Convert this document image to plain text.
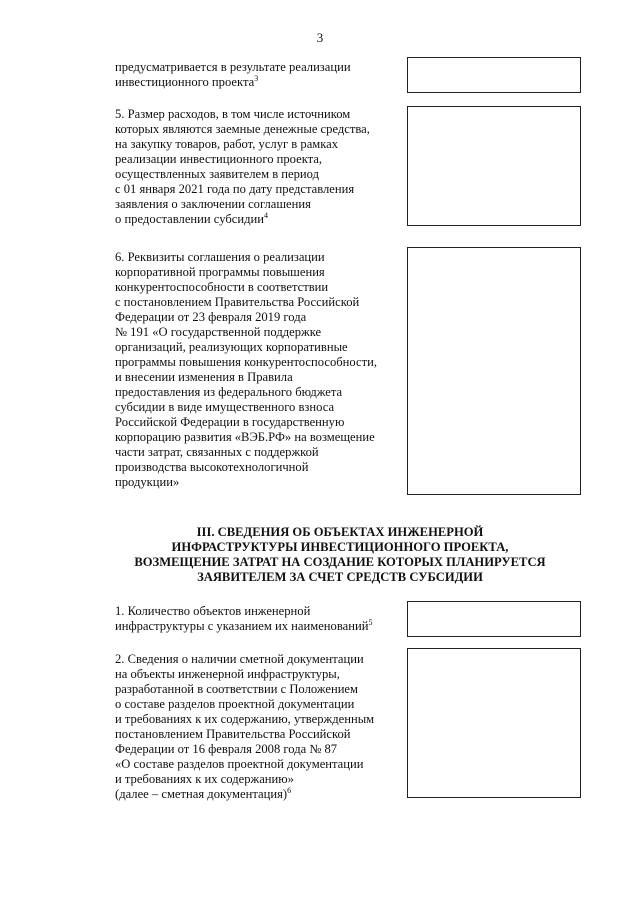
3
предусматривается в результате реализации
инвестиционного проекта$^3$
5. Размер расходов, в том числе источником
которых являются заемные денежные средства,
на закупку товаров, работ, услуг в рамках
реализации инвестиционного проекта,
осуществленных заявителем в период
с 01 января 2021 года по дату представления
заявления о заключении соглашения
о предоставлении субсидии$^4$
6. Реквизиты соглашения о реализации
корпоративной программы повышения
конкурентоспособности в соответствии
с постановлением Правительства Российской
Федерации от 23 февраля 2019 года
№ 191 «О государственной поддержке
организаций, реализующих корпоративные
программы повышения конкурентоспособности,
и внесении изменения в Правила
предоставления из федерального бюджета
субсидии в виде имущественного взноса
Российской Федерации в государственную
корпорацию развития «ВЭБ.РФ» на возмещение
части затрат, связанных с поддержкой
производства высокотехнологичной
продукции»
III. СВЕДЕНИЯ ОБ ОБЪЕКТАХ ИНЖЕНЕРНОЙ
ИНФРАСТРУКТУРЫ ИНВЕСТИЦИОННОГО ПРОЕКТА,
ВОЗМЕЩЕНИЕ ЗАТРАТ НА СОЗДАНИЕ КОТОРЫХ ПЛАНИРУЕТСЯ
ЗАЯВИТЕЛЕМ ЗА СЧЕТ СРЕДСТВ СУБСИДИИ
1. Количество объектов инженерной
инфраструктуры с указанием их наименований$^5$
2. Сведения о наличии сметной документации
на объекты инженерной инфраструктуры,
разработанной в соответствии с Положением
о составе разделов проектной документации
и требованиях к их содержанию, утвержденным
постановлением Правительства Российской
Федерации от 16 февраля 2008 года № 87
«О составе разделов проектной документации
и требованиях к их содержанию»
(далее – сметная документация)$^6$
